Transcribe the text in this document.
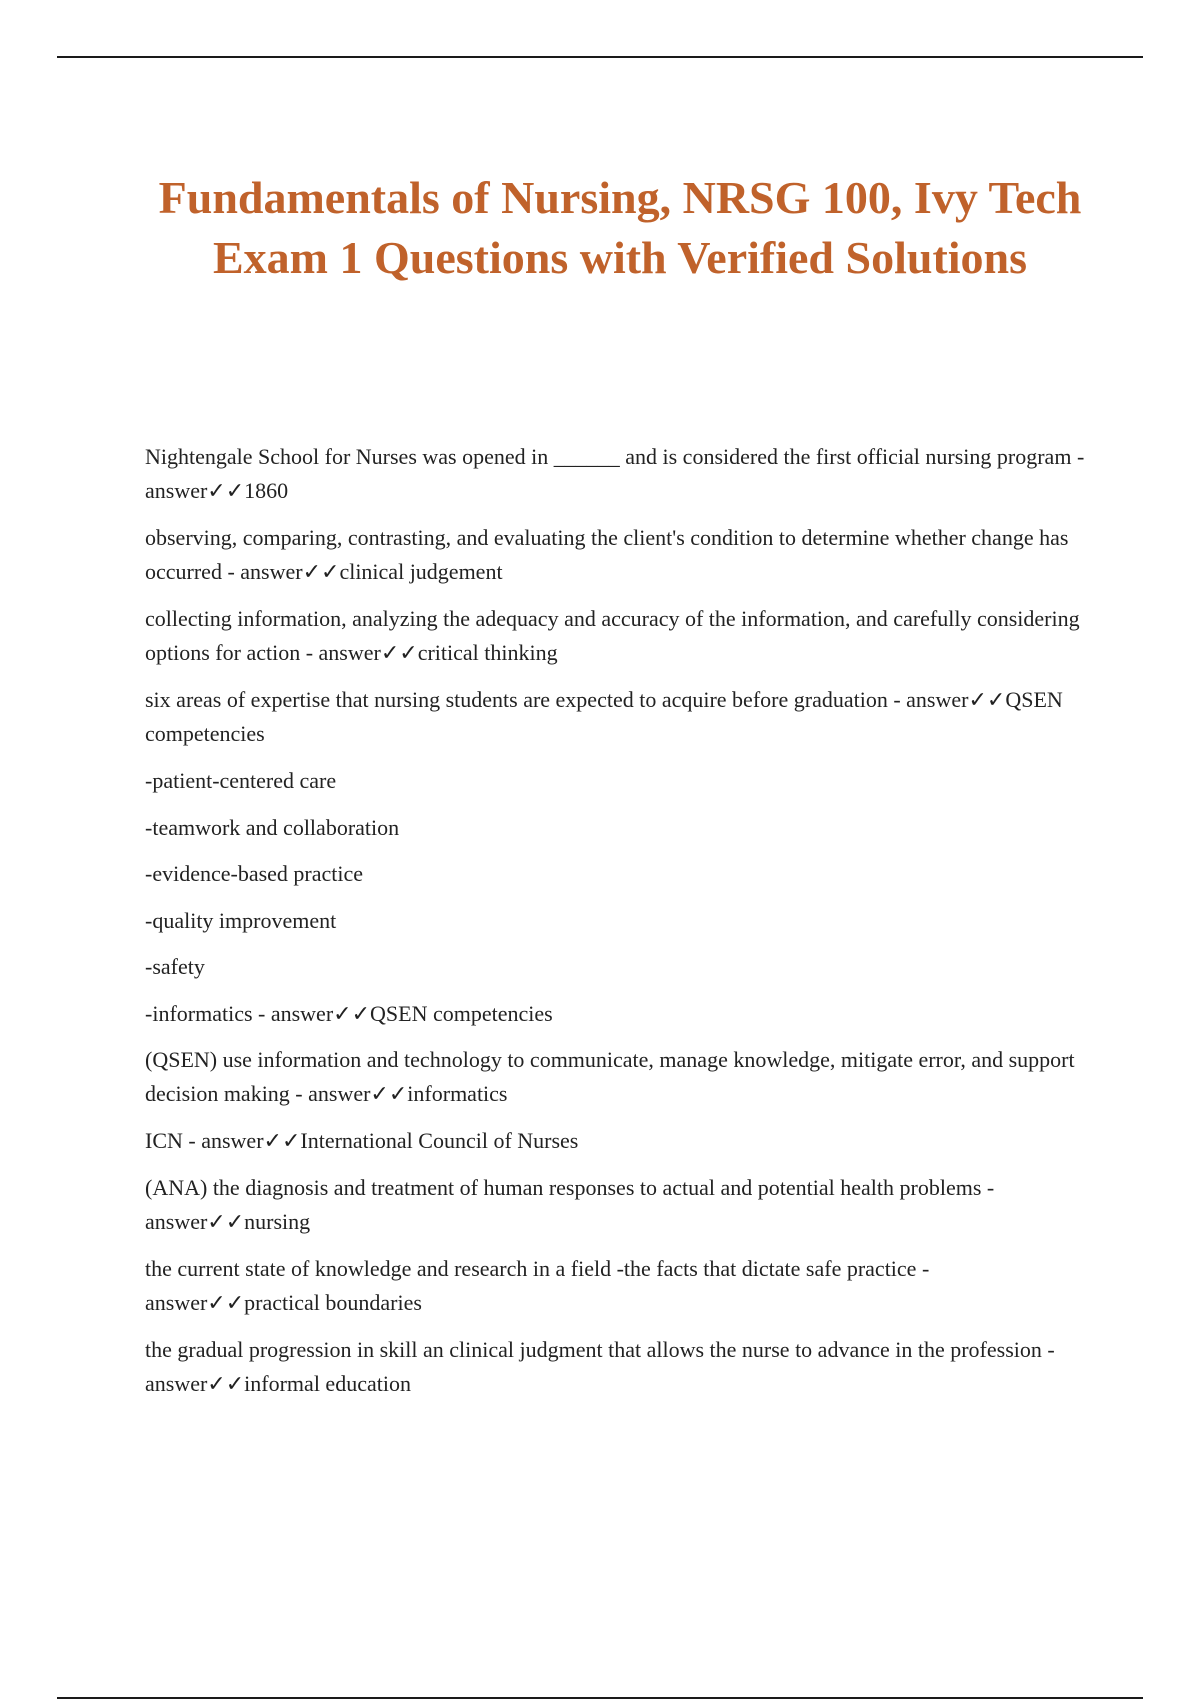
Fundamentals of Nursing, NRSG 100, Ivy Tech Exam 1 Questions with Verified Solutions

Nightengale School for Nurses was opened in ______ and is considered the first official nursing program - answer✓✓1860

observing, comparing, contrasting, and evaluating the client's condition to determine whether change has occurred - answer✓✓clinical judgement

collecting information, analyzing the adequacy and accuracy of the information, and carefully considering options for action - answer✓✓critical thinking

six areas of expertise that nursing students are expected to acquire before graduation - answer✓✓QSEN competencies

-patient-centered care

-teamwork and collaboration

-evidence-based practice

-quality improvement

-safety

-informatics - answer✓✓QSEN competencies

(QSEN) use information and technology to communicate, manage knowledge, mitigate error, and support decision making - answer✓✓informatics

ICN - answer✓✓International Council of Nurses

(ANA) the diagnosis and treatment of human responses to actual and potential health problems - answer✓✓nursing

the current state of knowledge and research in a field -the facts that dictate safe practice - answer✓✓practical boundaries

the gradual progression in skill an clinical judgment that allows the nurse to advance in the profession - answer✓✓informal education
